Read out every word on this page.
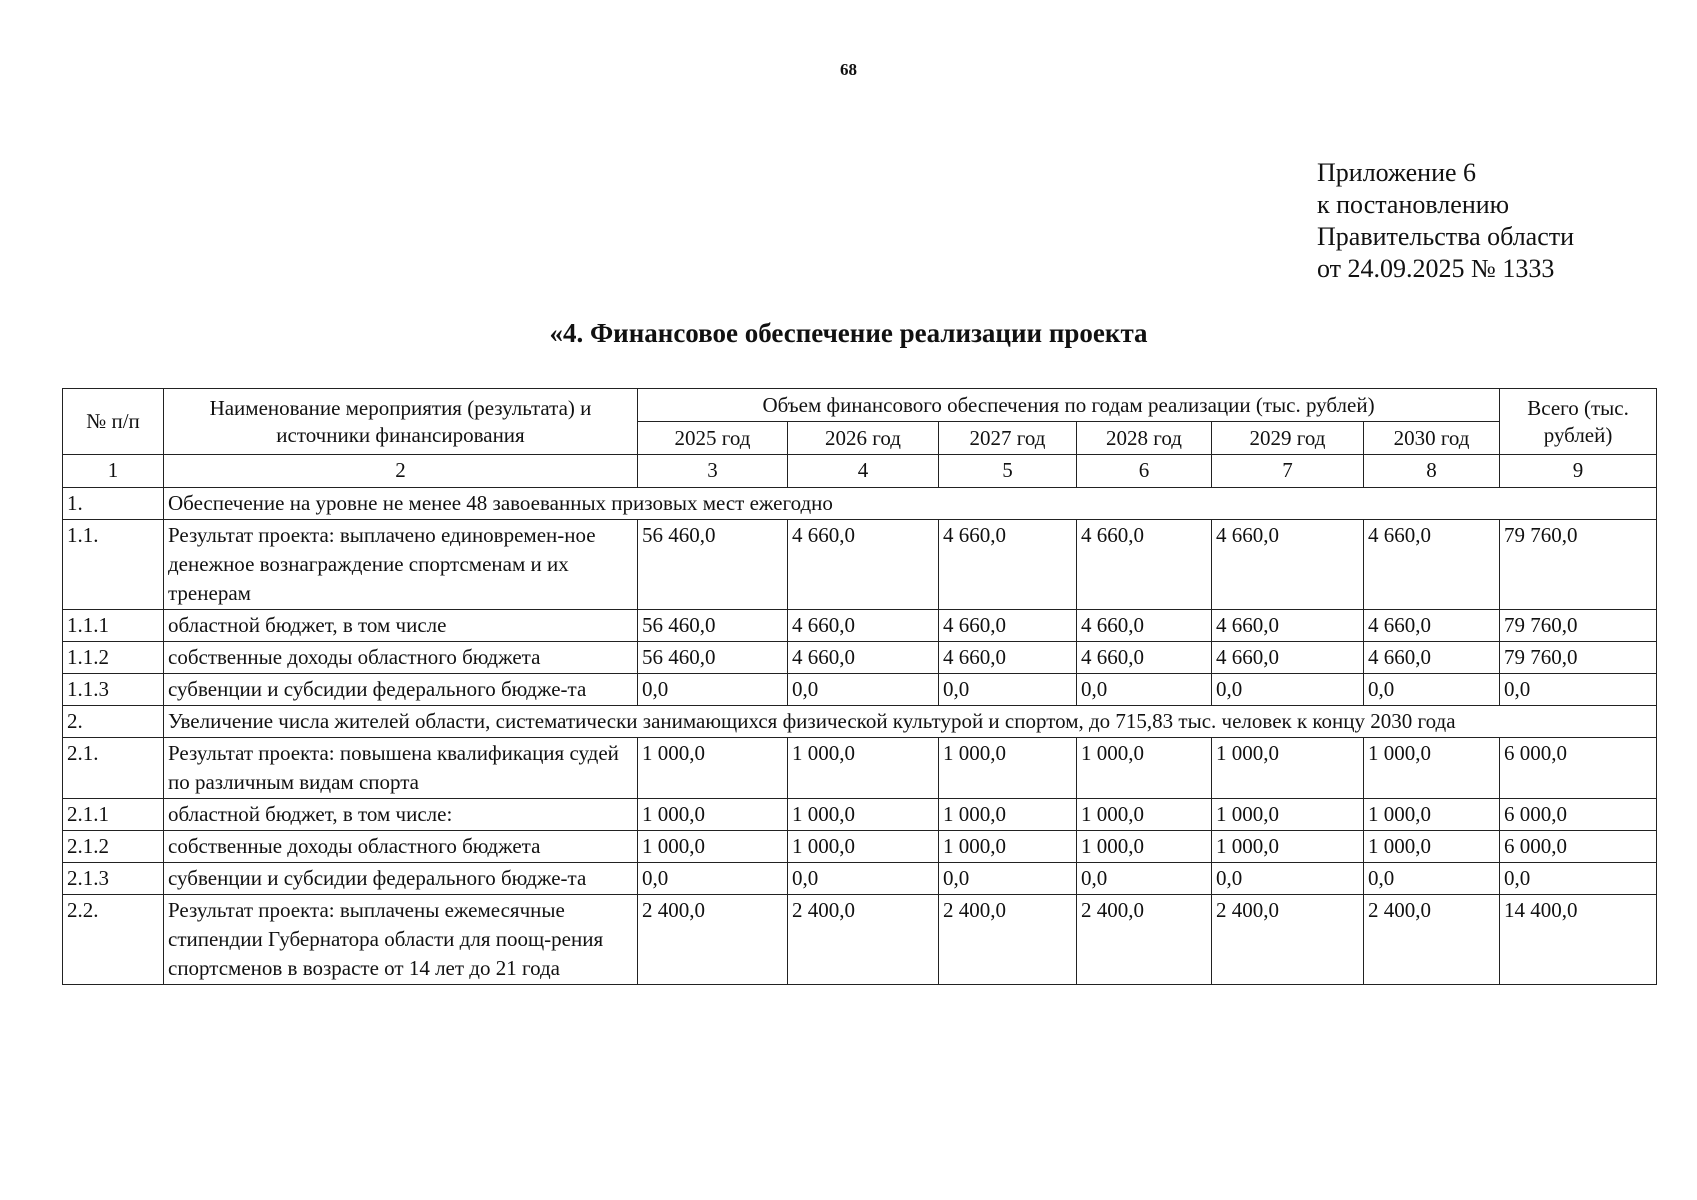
68
Приложение 6
к постановлению
Правительства области
от 24.09.2025 № 1333
«4. Финансовое обеспечение реализации проекта
№ п/п	Наименование мероприятия (результата) и источники финансирования	Объем финансового обеспечения по годам реализации (тыс. рублей)						Всего (тыс. рублей)
		2025 год	2026 год	2027 год	2028 год	2029 год	2030 год	
1	2	3	4	5	6	7	8	9
1.	Обеспечение на уровне не менее 48 завоеванных призовых мест ежегодно							
1.1.	Результат проекта: выплачено единовремен-ное денежное вознаграждение спортсменам и их тренерам	56 460,0	4 660,0	4 660,0	4 660,0	4 660,0	4 660,0	79 760,0
1.1.1	областной бюджет, в том числе	56 460,0	4 660,0	4 660,0	4 660,0	4 660,0	4 660,0	79 760,0
1.1.2	собственные доходы областного бюджета	56 460,0	4 660,0	4 660,0	4 660,0	4 660,0	4 660,0	79 760,0
1.1.3	субвенции и субсидии федерального бюдже-та	0,0	0,0	0,0	0,0	0,0	0,0	0,0
2.	Увеличение числа жителей области, систематически занимающихся физической культурой и спортом, до 715,83 тыс. человек к концу 2030 года							
2.1.	Результат проекта: повышена квалификация судей по различным видам спорта	1 000,0	1 000,0	1 000,0	1 000,0	1 000,0	1 000,0	6 000,0
2.1.1	областной бюджет, в том числе:	1 000,0	1 000,0	1 000,0	1 000,0	1 000,0	1 000,0	6 000,0
2.1.2	собственные доходы областного бюджета	1 000,0	1 000,0	1 000,0	1 000,0	1 000,0	1 000,0	6 000,0
2.1.3	субвенции и субсидии федерального бюдже-та	0,0	0,0	0,0	0,0	0,0	0,0	0,0
2.2.	Результат проекта: выплачены ежемесячные стипендии Губернатора области для поощ-рения спортсменов в возрасте от 14 лет до 21 года	2 400,0	2 400,0	2 400,0	2 400,0	2 400,0	2 400,0	14 400,0
